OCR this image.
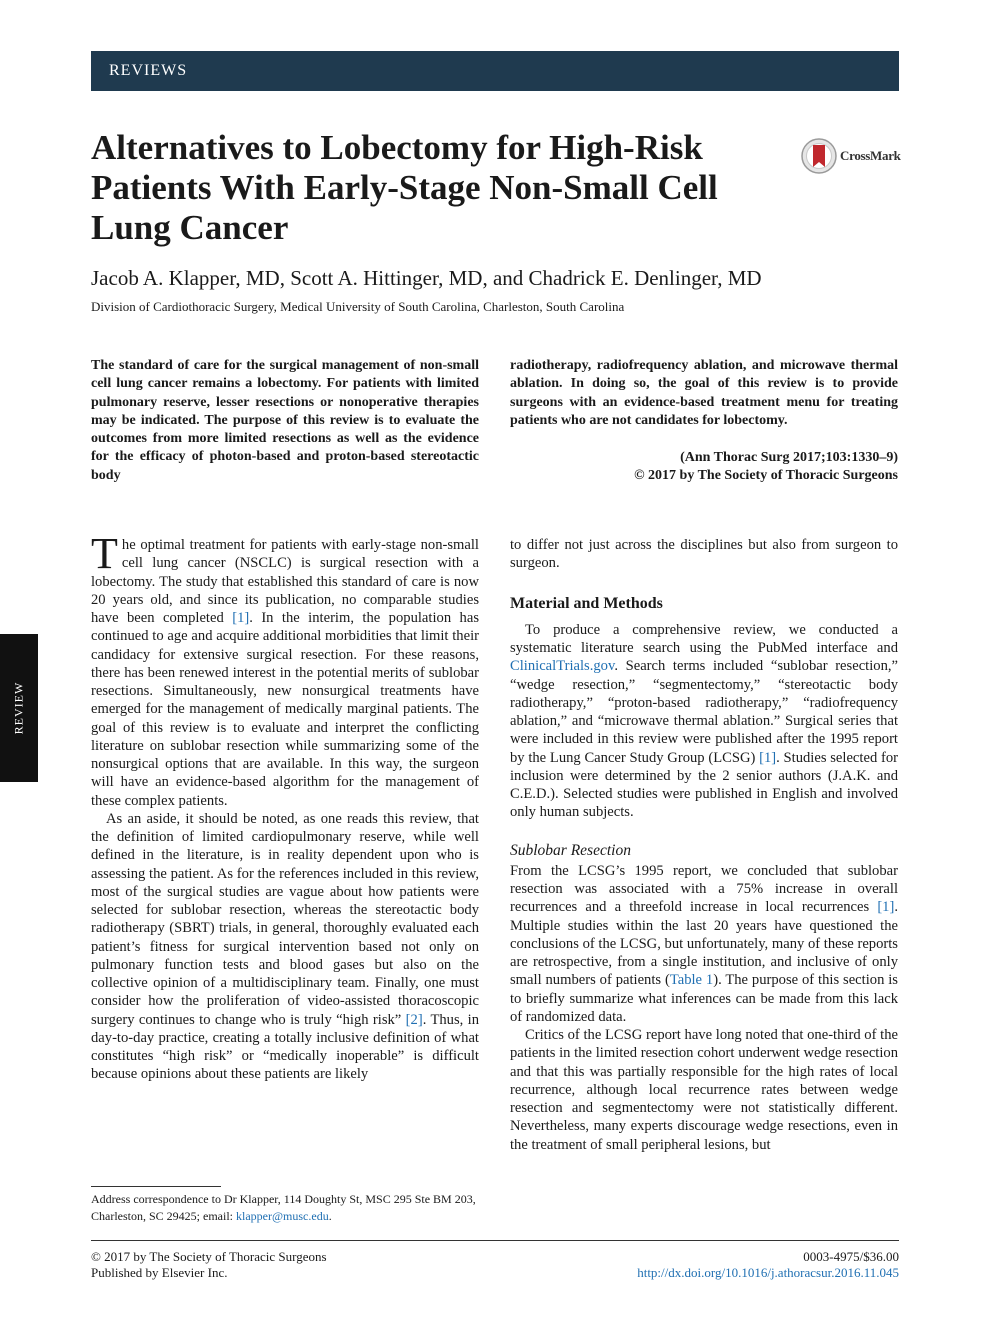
REVIEWS
REVIEW
Alternatives to Lobectomy for High-Risk Patients With Early-Stage Non-Small Cell Lung Cancer
CrossMark
Jacob A. Klapper, MD, Scott A. Hittinger, MD, and Chadrick E. Denlinger, MD
Division of Cardiothoracic Surgery, Medical University of South Carolina, Charleston, South Carolina
The standard of care for the surgical management of non-small cell lung cancer remains a lobectomy. For patients with limited pulmonary reserve, lesser resections or nonoperative therapies may be indicated. The purpose of this review is to evaluate the outcomes from more limited resections as well as the evidence for the efficacy of photon-based and proton-based stereotactic body
radiotherapy, radiofrequency ablation, and microwave thermal ablation. In doing so, the goal of this review is to provide surgeons with an evidence-based treatment menu for treating patients who are not candidates for lobectomy.
(Ann Thorac Surg 2017;103:1330–9)
© 2017 by The Society of Thoracic Surgeons

The optimal treatment for patients with early-stage non-small cell lung cancer (NSCLC) is surgical resection with a lobectomy. The study that established this standard of care is now 20 years old, and since its publication, no comparable studies have been completed [1]. In the interim, the population has continued to age and acquire additional morbidities that limit their candidacy for extensive surgical resection. For these reasons, there has been renewed interest in the potential merits of sublobar resections. Simultaneously, new nonsurgical treatments have emerged for the management of medically marginal patients. The goal of this review is to evaluate and interpret the conflicting literature on sublobar resection while summarizing some of the nonsurgical options that are available. In this way, the surgeon will have an evidence-based algorithm for the management of these complex patients.

As an aside, it should be noted, as one reads this review, that the definition of limited cardiopulmonary reserve, while well defined in the literature, is in reality dependent upon who is assessing the patient. As for the references included in this review, most of the surgical studies are vague about how patients were selected for sublobar resection, whereas the stereotactic body radiotherapy (SBRT) trials, in general, thoroughly evaluated each patient’s fitness for surgical intervention based not only on pulmonary function tests and blood gases but also on the collective opinion of a multidisciplinary team. Finally, one must consider how the proliferation of video-assisted thoracoscopic surgery continues to change who is truly “high risk” [2]. Thus, in day-to-day practice, creating a totally inclusive definition of what constitutes “high risk” or “medically inoperable” is difficult because opinions about these patients are likely

to differ not just across the disciplines but also from surgeon to surgeon.

Material and Methods

To produce a comprehensive review, we conducted a systematic literature search using the PubMed interface and ClinicalTrials.gov. Search terms included “sublobar resection,” “wedge resection,” “segmentectomy,” “stereotactic body radiotherapy,” “proton-based radiotherapy,” “radiofrequency ablation,” and “microwave thermal ablation.” Surgical series that were included in this review were published after the 1995 report by the Lung Cancer Study Group (LCSG) [1]. Studies selected for inclusion were determined by the 2 senior authors (J.A.K. and C.E.D.). Selected studies were published in English and involved only human subjects.

Sublobar Resection

From the LCSG’s 1995 report, we concluded that sublobar resection was associated with a 75% increase in overall recurrences and a threefold increase in local recurrences [1]. Multiple studies within the last 20 years have questioned the conclusions of the LCSG, but unfortunately, many of these reports are retrospective, from a single institution, and inclusive of only small numbers of patients (Table 1). The purpose of this section is to briefly summarize what inferences can be made from this lack of randomized data.

Critics of the LCSG report have long noted that one-third of the patients in the limited resection cohort underwent wedge resection and that this was partially responsible for the high rates of local recurrence, although local recurrence rates between wedge resection and segmentectomy were not statistically different. Nevertheless, many experts discourage wedge resections, even in the treatment of small peripheral lesions, but

Address correspondence to Dr Klapper, 114 Doughty St, MSC 295 Ste BM 203, Charleston, SC 29425; email: klapper@musc.edu.
© 2017 by The Society of Thoracic Surgeons
Published by Elsevier Inc.
0003-4975/$36.00
http://dx.doi.org/10.1016/j.athoracsur.2016.11.045
